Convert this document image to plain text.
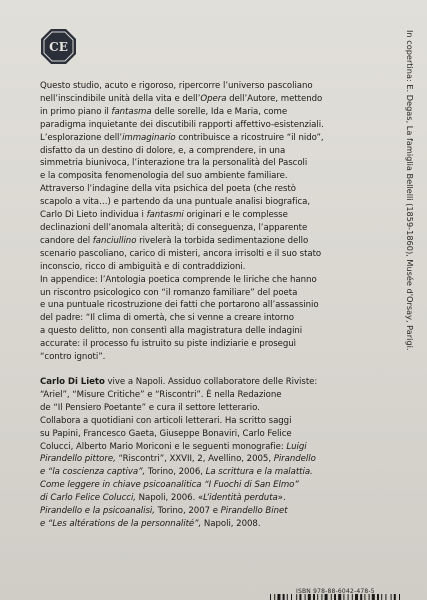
CE	In copertina: E. Degas, La famiglia Bellelli (1859-1860), Musée d'Orsay, Parigi.

Questo studio, acuto e rigoroso, ripercorre l’universo pascoliano

nell’inscindibile unità della vita e dell’Opera dell’Autore, mettendo

in primo piano il fantasma delle sorelle, Ida e Maria, come

paradigma inquietante dei discutibili rapporti affettivo-esistenziali.

L’esplorazione dell’immaginario contribuisce a ricostruire “il nido”,

disfatto da un destino di dolore, e, a comprendere, in una

simmetria biunivoca, l’interazione tra la personalità del Pascoli

e la composita fenomenologia del suo ambiente familiare.

Attraverso l’indagine della vita psichica del poeta (che restò

scapolo a vita…) e partendo da una puntuale analisi biografica,

Carlo Di Lieto individua i fantasmi originari e le complesse

declinazioni dell’anomala alterità; di conseguenza, l’apparente

candore del fanciullino rivelerà la torbida sedimentazione dello

scenario pascoliano, carico di misteri, ancora irrisolti e il suo stato

inconscio, ricco di ambiguità e di contraddizioni.

In appendice: l’Antologia poetica comprende le liriche che hanno

un riscontro psicologico con “il romanzo familiare” del poeta

e una puntuale ricostruzione dei fatti che portarono all’assassinio

del padre: “Il clima di omertà, che si venne a creare intorno

a questo delitto, non consentì alla magistratura delle indagini

accurate: il processo fu istruito su piste indiziarie e proseguì

“contro ignoti”.

Carlo Di Lieto vive a Napoli. Assiduo collaboratore delle Riviste:

“Ariel”, “Misure Critiche” e “Riscontri”. È nella Redazione

de “Il Pensiero Poetante” e cura il settore letterario.

Collabora a quotidiani con articoli letterari. Ha scritto saggi

su Papini, Francesco Gaeta, Giuseppe Bonaviri, Carlo Felice

Colucci, Alberto Mario Moriconi e le seguenti monografie: Luigi

Pirandello pittore, “Riscontri”, XXVII, 2, Avellino, 2005, Pirandello

e “la coscienza captiva”, Torino, 2006, La scrittura e la malattia.

Come leggere in chiave psicoanalitica “I Fuochi di San Elmo”

di Carlo Felice Colucci, Napoli, 2006. «L’identità perduta».

Pirandello e la psicoanalisi, Torino, 2007 e Pirandello Binet

e “Les altérations de la personnalité”, Napoli, 2008.

ISBN 978-88-6042-478-5
